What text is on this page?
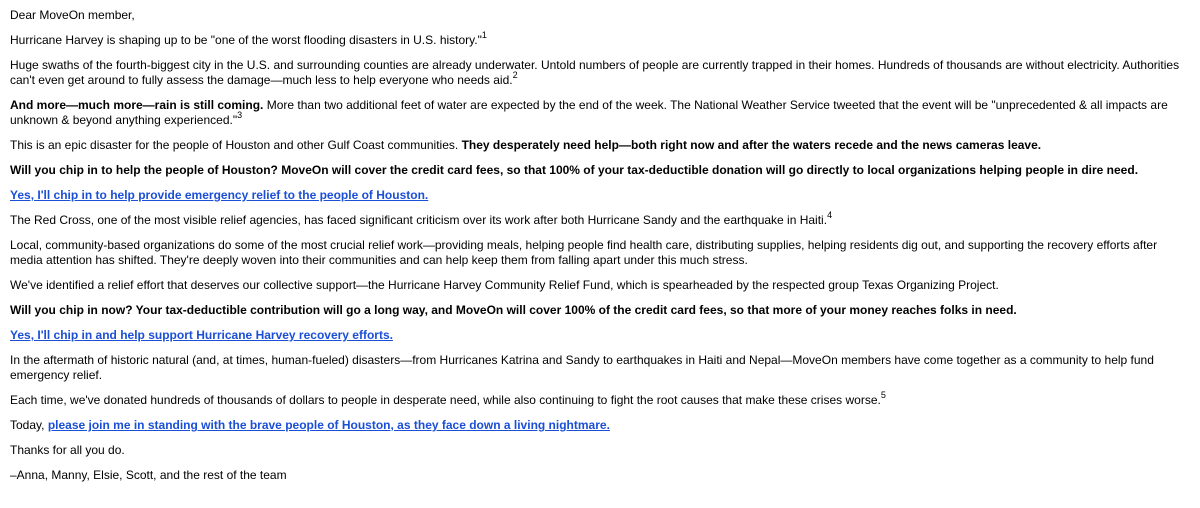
Dear MoveOn member,

Hurricane Harvey is shaping up to be "one of the worst flooding disasters in U.S. history."$^1$

Huge swaths of the fourth-biggest city in the U.S. and surrounding counties are already underwater. Untold numbers of people are currently trapped in their homes. Hundreds of thousands are without electricity. Authorities can't even get around to fully assess the damage—much less to help everyone who needs aid.$^2$

And more—much more—rain is still coming. More than two additional feet of water are expected by the end of the week. The National Weather Service tweeted that the event will be "unprecedented & all impacts are unknown & beyond anything experienced."$^3$

This is an epic disaster for the people of Houston and other Gulf Coast communities. They desperately need help—both right now and after the waters recede and the news cameras leave.

Will you chip in to help the people of Houston? MoveOn will cover the credit card fees, so that 100% of your tax-deductible donation will go directly to local organizations helping people in dire need.

Yes, I'll chip in to help provide emergency relief to the people of Houston.

The Red Cross, one of the most visible relief agencies, has faced significant criticism over its work after both Hurricane Sandy and the earthquake in Haiti.$^4$

Local, community-based organizations do some of the most crucial relief work—providing meals, helping people find health care, distributing supplies, helping residents dig out, and supporting the recovery efforts after media attention has shifted. They're deeply woven into their communities and can help keep them from falling apart under this much stress.

We've identified a relief effort that deserves our collective support—the Hurricane Harvey Community Relief Fund, which is spearheaded by the respected group Texas Organizing Project.

Will you chip in now? Your tax-deductible contribution will go a long way, and MoveOn will cover 100% of the credit card fees, so that more of your money reaches folks in need.

Yes, I'll chip in and help support Hurricane Harvey recovery efforts.

In the aftermath of historic natural (and, at times, human-fueled) disasters—from Hurricanes Katrina and Sandy to earthquakes in Haiti and Nepal—MoveOn members have come together as a community to help fund emergency relief.

Each time, we've donated hundreds of thousands of dollars to people in desperate need, while also continuing to fight the root causes that make these crises worse.$^5$

Today, please join me in standing with the brave people of Houston, as they face down a living nightmare.

Thanks for all you do.

–Anna, Manny, Elsie, Scott, and the rest of the team
